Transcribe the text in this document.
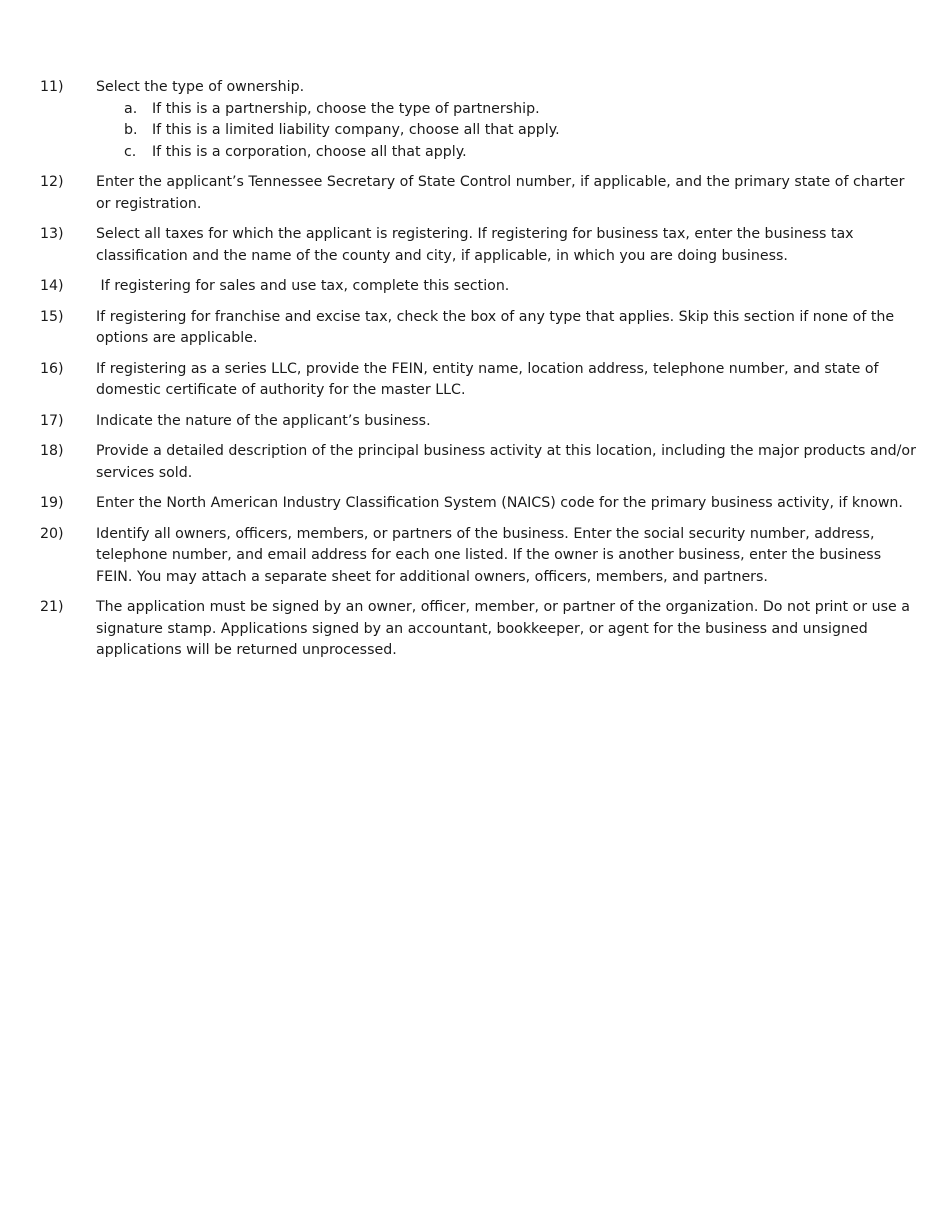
11)	Select the type of ownership.
a.	If this is a partnership, choose the type of partnership.
b.	If this is a limited liability company, choose all that apply.
c.	If this is a corporation, choose all that apply.
12)	Enter the applicant’s Tennessee Secretary of State Control number, if applicable, and the primary state of charter or registration.
13)	Select all taxes for which the applicant is registering. If registering for business tax, enter the business tax classification and the name of the county and city, if applicable, in which you are doing business.
14)	If registering for sales and use tax, complete this section.
15)	If registering for franchise and excise tax, check the box of any type that applies. Skip this section if none of the options are applicable.
16)	If registering as a series LLC, provide the FEIN, entity name, location address, telephone number, and state of domestic certificate of authority for the master LLC.
17)	Indicate the nature of the applicant’s business.
18)	Provide a detailed description of the principal business activity at this location, including the major products and/or services sold.
19)	Enter the North American Industry Classification System (NAICS) code for the primary business activity, if known.
20)	Identify all owners, officers, members, or partners of the business. Enter the social security number, address, telephone number, and email address for each one listed. If the owner is another business, enter the business FEIN. You may attach a separate sheet for additional owners, officers, members, and partners.
21)	The application must be signed by an owner, officer, member, or partner of the organization. Do not print or use a signature stamp. Applications signed by an accountant, bookkeeper, or agent for the business and unsigned applications will be returned unprocessed.
